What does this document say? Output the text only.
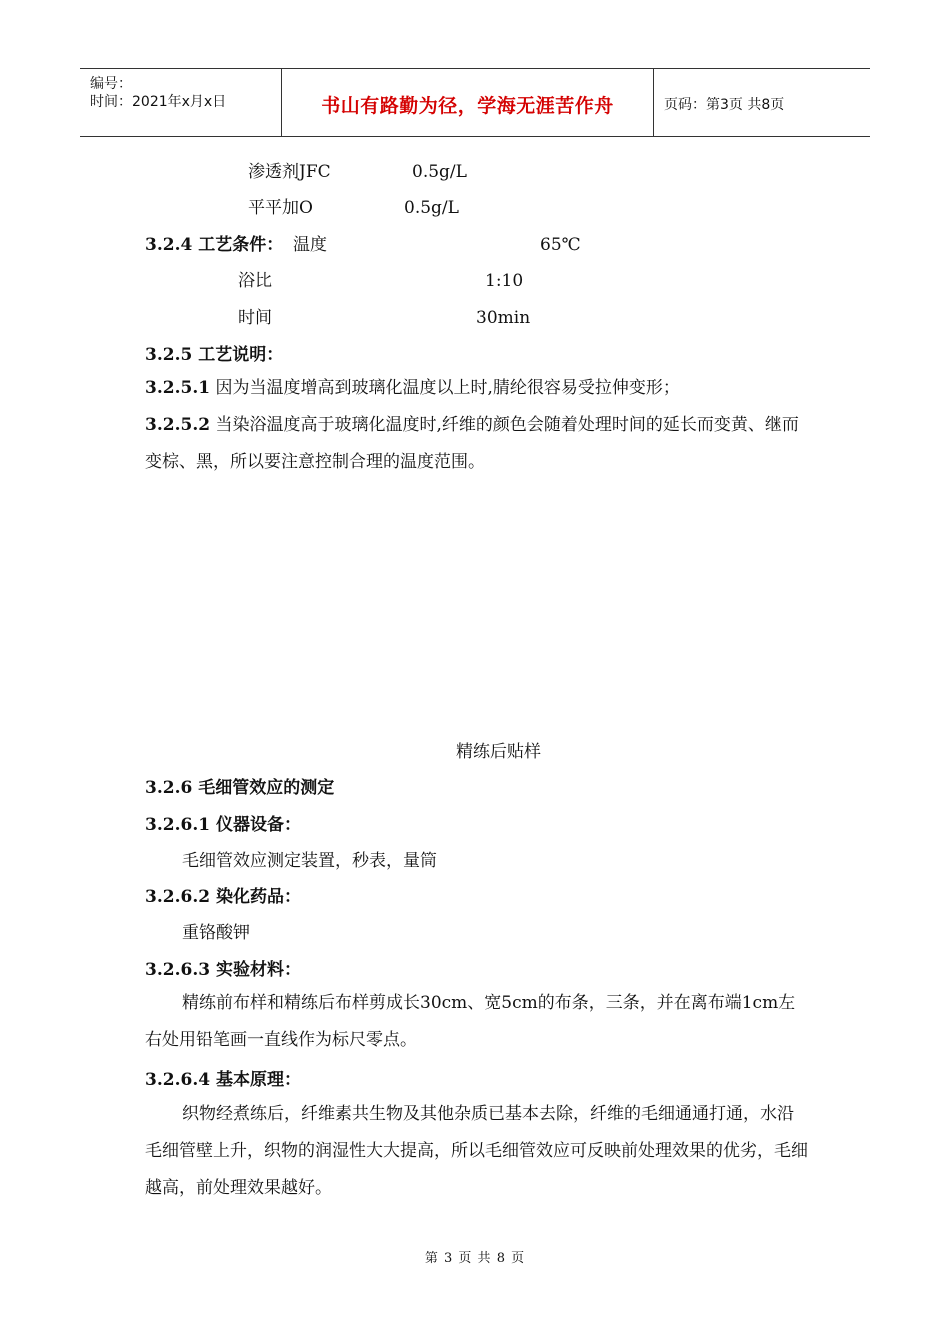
编号：
时间：2021年x月x日	书山有路勤为径，学海无涯苦作舟	页码：第3页 共8页
渗透剂JFC	0.5g/L
平平加O	0.5g/L
3.2.4 工艺条件： 温度	65℃
浴比	1:10
时间	30min
3.2.5 工艺说明：
3.2.5.1 因为当温度增高到玻璃化温度以上时,腈纶很容易受拉伸变形；
3.2.5.2 当染浴温度高于玻璃化温度时,纤维的颜色会随着处理时间的延长而变黄、继而变棕、黑，所以要注意控制合理的温度范围。
精练后贴样
3.2.6 毛细管效应的测定
3.2.6.1 仪器设备：
毛细管效应测定装置，秒表，量筒
3.2.6.2 染化药品：
重铬酸钾
3.2.6.3 实验材料：
精练前布样和精练后布样剪成长30cm、宽5cm的布条，三条，并在离布端1cm左右处用铅笔画一直线作为标尺零点。
3.2.6.4 基本原理：
织物经煮练后，纤维素共生物及其他杂质已基本去除，纤维的毛细通通打通，水沿毛细管壁上升，织物的润湿性大大提高，所以毛细管效应可反映前处理效果的优劣，毛细越高，前处理效果越好。
第 3 页 共 8 页
